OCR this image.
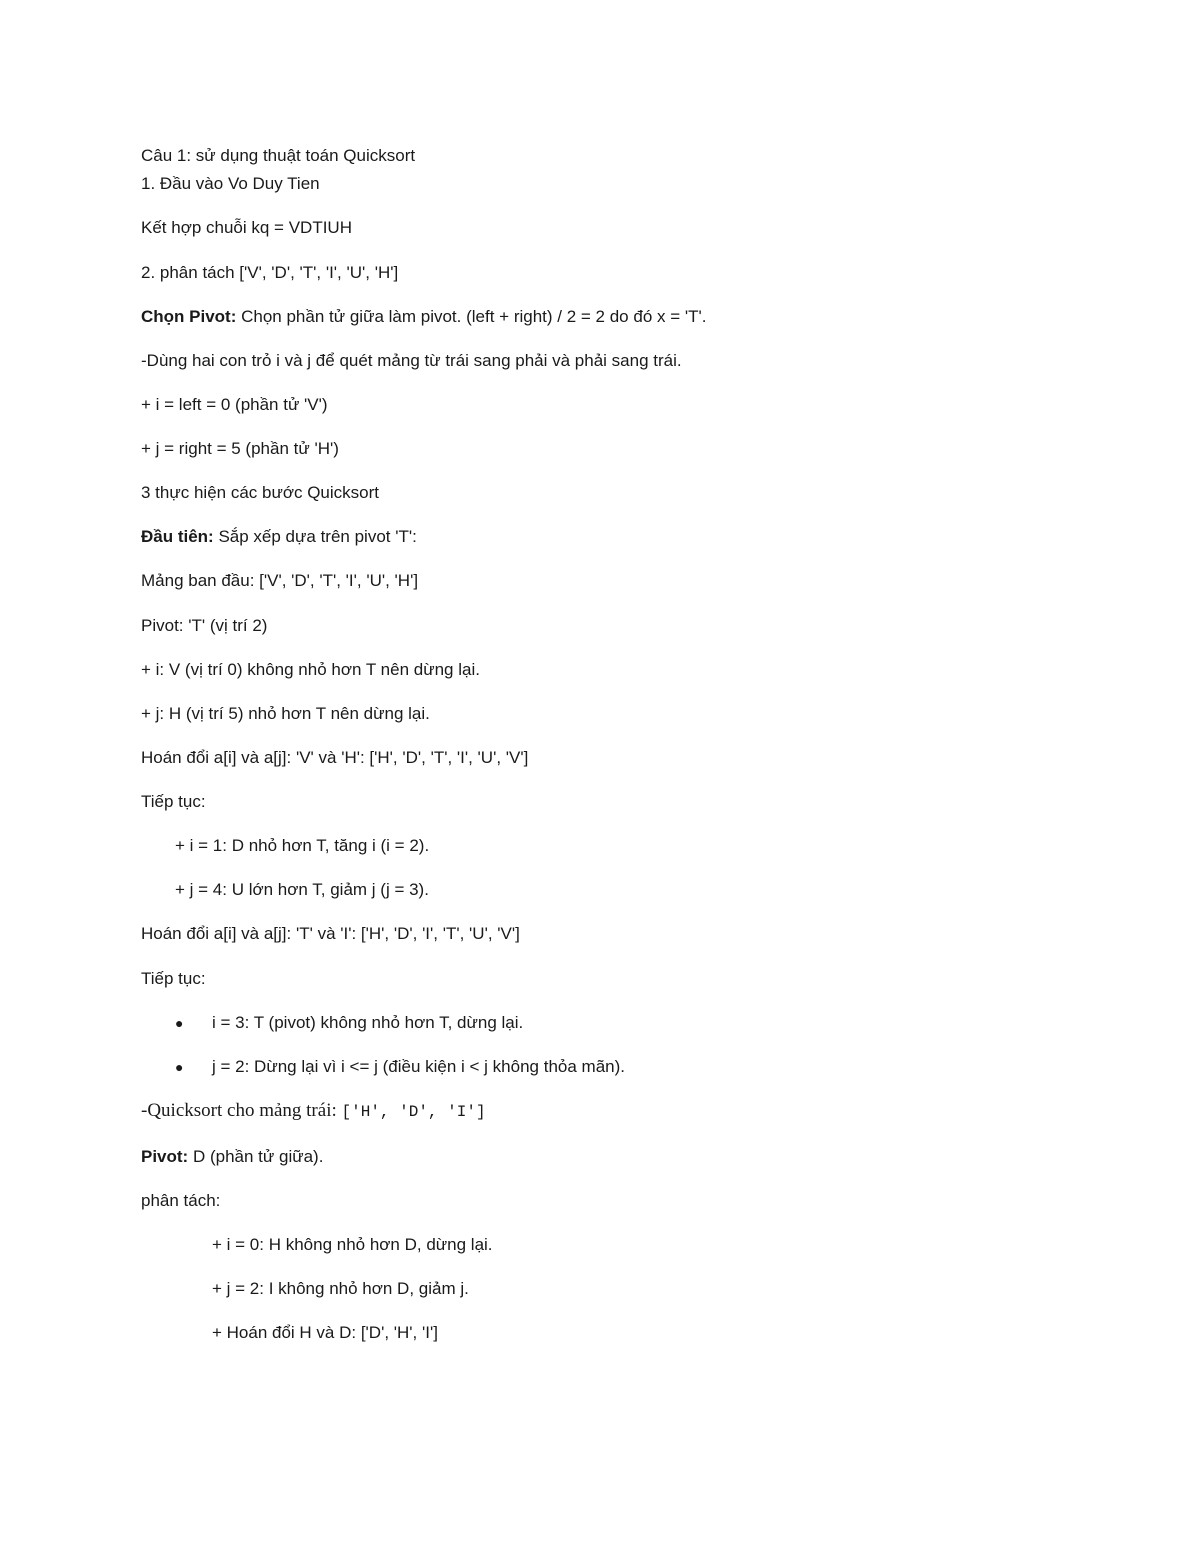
Câu 1: sử dụng thuật toán Quicksort
1. Đầu vào Vo Duy Tien
Kết hợp chuỗi kq = VDTIUH
2. phân tách ['V', 'D', 'T', 'I', 'U', 'H']
Chọn Pivot: Chọn phần tử giữa làm pivot. (left + right) / 2 = 2 do đó x = 'T'.
-Dùng hai con trỏ i và j để quét mảng từ trái sang phải và phải sang trái.
+ i = left = 0 (phần tử 'V')
+ j = right = 5 (phần tử 'H')
3 thực hiện các bước Quicksort
Đầu tiên: Sắp xếp dựa trên pivot 'T':
Mảng ban đầu: ['V', 'D', 'T', 'I', 'U', 'H']
Pivot: 'T' (vị trí 2)
+ i: V (vị trí 0) không nhỏ hơn T nên dừng lại.
+ j: H (vị trí 5) nhỏ hơn T nên dừng lại.
Hoán đổi a[i] và a[j]: 'V' và 'H': ['H', 'D', 'T', 'I', 'U', 'V']
Tiếp tục:
+ i = 1: D nhỏ hơn T, tăng i (i = 2).
+ j = 4: U lớn hơn T, giảm j (j = 3).
Hoán đổi a[i] và a[j]: 'T' và 'I': ['H', 'D', 'I', 'T', 'U', 'V']
Tiếp tục:
● i = 3: T (pivot) không nhỏ hơn T, dừng lại.
● j = 2: Dừng lại vì i <= j (điều kiện i < j không thỏa mãn).
-Quicksort cho mảng trái: ['H', 'D', 'I']
Pivot: D (phần tử giữa).
phân tách:
+ i = 0: H không nhỏ hơn D, dừng lại.
+ j = 2: I không nhỏ hơn D, giảm j.
+ Hoán đổi H và D: ['D', 'H', 'I']
